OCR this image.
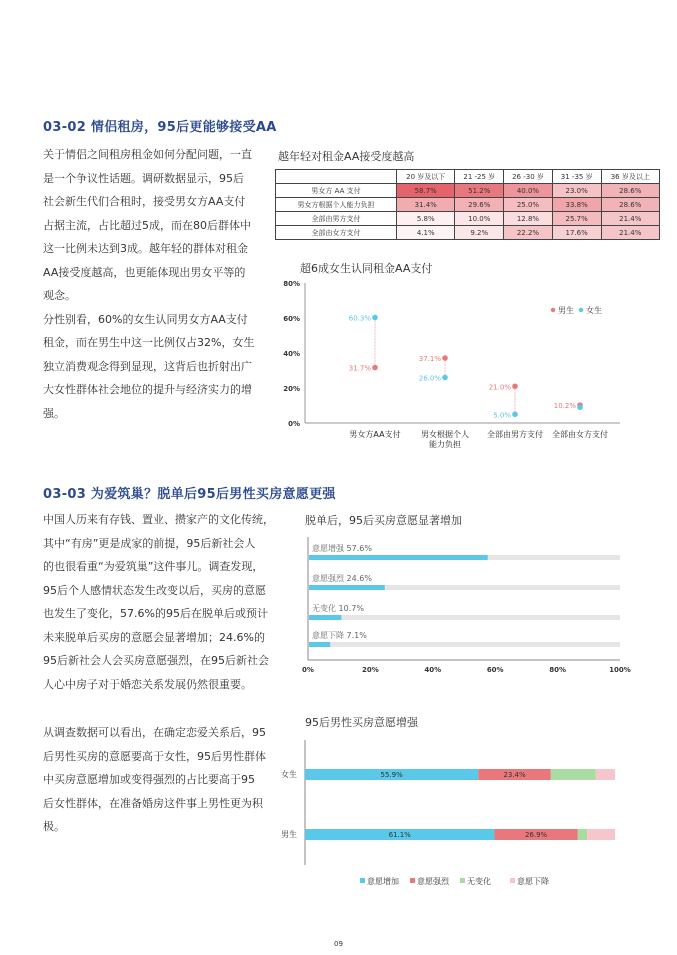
03-02 情侣租房，95后更能够接受AA

关于情侣之间租房租金如何分配问题，一直

是一个争议性话题。调研数据显示，95后

社会新生代们合租时，接受男女方AA支付

占据主流，占比超过5成，而在80后群体中

这一比例未达到3成。越年轻的群体对租金

AA接受度越高，也更能体现出男女平等的

观念。

分性别看，60%的女生认同男女方AA支付

租金，而在男生中这一比例仅占32%，女生

独立消费观念得到显现，这背后也折射出广

大女性群体社会地位的提升与经济实力的增

强。

越年轻对租金AA接受度越高
	20 岁及以下	21 -25 岁	26 -30 岁	31 -35 岁	36 岁及以上
男女方 AA 支付	58.7%	51.2%	40.0%	23.0%	28.6%
男女方根据个人能力负担	31.4%	29.6%	25.0%	33.8%	28.6%
全部由男方支付	5.8%	10.0%	12.8%	25.7%	21.4%
全部由女方支付	4.1%	9.2%	22.2%	17.6%	21.4%
超6成女生认同租金AA支付
80%
60%
40%
20%
0%
31.7%
60.3%
男女方AA支付
37.1%
26.0%
男女根据个人
能力负担
21.0%
5.0%
全部由男方支付
10.2%
全部由女方支付
男生 女生
03-03 为爱筑巢？脱单后95后男性买房意愿更强

中国人历来有存钱、置业、攒家产的文化传统，

其中“有房”更是成家的前提，95后新社会人

的也很看重“为爱筑巢”这件事儿。调查发现，

95后个人感情状态发生改变以后，买房的意愿

也发生了变化，57.6%的95后在脱单后或预计

未来脱单后买房的意愿会显著增加；24.6%的

95后新社会人会买房意愿强烈，在95后新社会

人心中房子对于婚恋关系发展仍然很重要。

从调查数据可以看出，在确定恋爱关系后，95

后男性买房的意愿要高于女性，95后男性群体

中买房意愿增加或变得强烈的占比要高于95

后女性群体，在准备婚房这件事上男性更为积

极。

脱单后，95后买房意愿显著增加
意愿增强 57.6%
意愿强烈 24.6%
无变化 10.7%
意愿下降 7.1%
0%	20%	40%	60%	80%	100%
95后男性买房意愿增强
女生	55.9%	23.4%
男生	61.1%	26.9%
意愿增加 意愿强烈 无变化	意愿下降
09
